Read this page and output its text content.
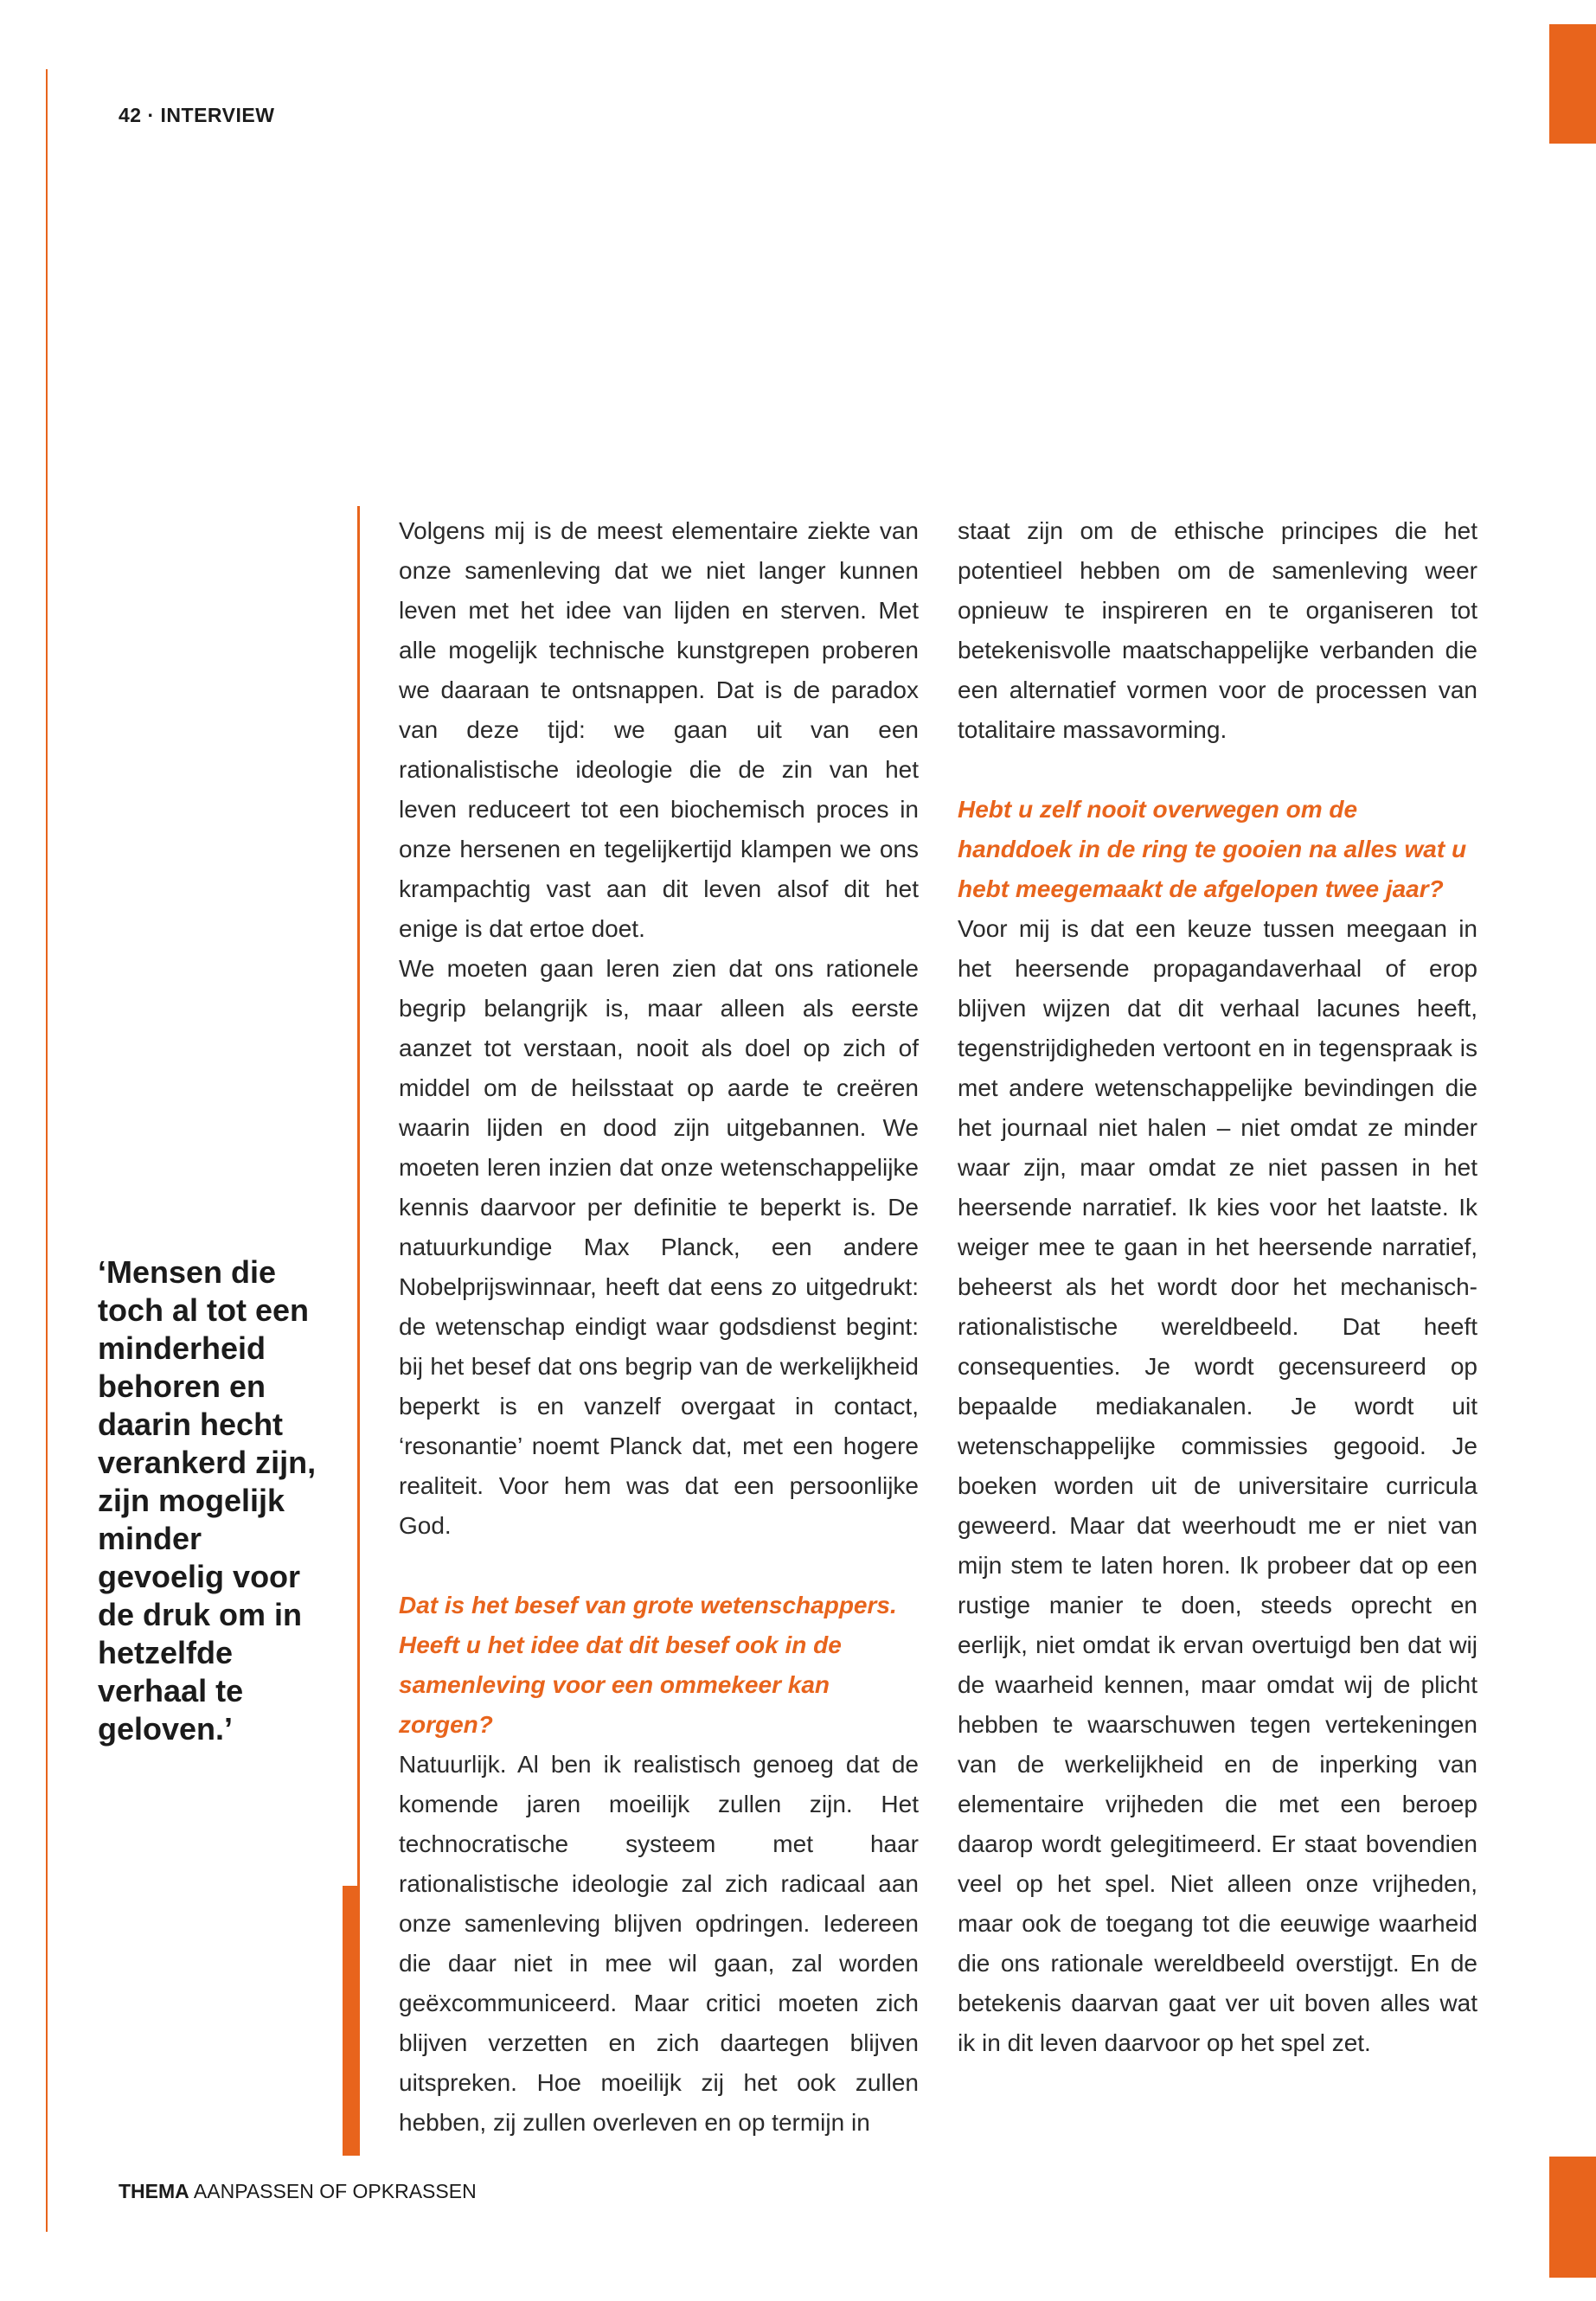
42 · INTERVIEW
‘Mensen die toch al tot een minderheid behoren en daarin hecht verankerd zijn, zijn mogelijk minder gevoelig voor de druk om in hetzelfde verhaal te geloven.’

Volgens mij is de meest elementaire ziekte van onze samenleving dat we niet langer kunnen leven met het idee van lijden en sterven. Met alle mogelijk technische kunstgrepen proberen we daaraan te ontsnappen. Dat is de paradox van deze tijd: we gaan uit van een rationalistische ideologie die de zin van het leven reduceert tot een biochemisch proces in onze hersenen en tegelijkertijd klampen we ons krampachtig vast aan dit leven alsof dit het enige is dat ertoe doet.

We moeten gaan leren zien dat ons rationele begrip belangrijk is, maar alleen als eerste aanzet tot verstaan, nooit als doel op zich of middel om de heilsstaat op aarde te creëren waarin lijden en dood zijn uitgebannen. We moeten leren inzien dat onze wetenschappelijke kennis daarvoor per definitie te beperkt is. De natuurkundige Max Planck, een andere Nobelprijswinnaar, heeft dat eens zo uitgedrukt: de wetenschap eindigt waar godsdienst begint: bij het besef dat ons begrip van de werkelijkheid beperkt is en vanzelf overgaat in contact, ‘resonantie’ noemt Planck dat, met een hogere realiteit. Voor hem was dat een persoonlijke God.

Dat is het besef van grote wetenschappers. Heeft u het idee dat dit besef ook in de samenleving voor een ommekeer kan zorgen?

Natuurlijk. Al ben ik realistisch genoeg dat de komende jaren moeilijk zullen zijn. Het technocratische systeem met haar rationalistische ideologie zal zich radicaal aan onze samenleving blijven opdringen. Iedereen die daar niet in mee wil gaan, zal worden geëxcommuniceerd. Maar critici moeten zich blijven verzetten en zich daartegen blijven uitspreken. Hoe moeilijk zij het ook zullen hebben, zij zullen overleven en op termijn in

staat zijn om de ethische principes die het potentieel hebben om de samenleving weer opnieuw te inspireren en te organiseren tot betekenisvolle maatschappelijke verbanden die een alternatief vormen voor de processen van totalitaire massavorming.

Hebt u zelf nooit overwegen om de handdoek in de ring te gooien na alles wat u hebt meegemaakt de afgelopen twee jaar?

Voor mij is dat een keuze tussen meegaan in het heersende propagandaverhaal of erop blijven wijzen dat dit verhaal lacunes heeft, tegenstrijdigheden vertoont en in tegenspraak is met andere wetenschappelijke bevindingen die het journaal niet halen – niet omdat ze minder waar zijn, maar omdat ze niet passen in het heersende narratief. Ik kies voor het laatste. Ik weiger mee te gaan in het heersende narratief, beheerst als het wordt door het mechanisch-rationalistische wereldbeeld. Dat heeft consequenties. Je wordt gecensureerd op bepaalde mediakanalen. Je wordt uit wetenschappelijke commissies gegooid. Je boeken worden uit de universitaire curricula geweerd. Maar dat weerhoudt me er niet van mijn stem te laten horen. Ik probeer dat op een rustige manier te doen, steeds oprecht en eerlijk, niet omdat ik ervan overtuigd ben dat wij de waarheid kennen, maar omdat wij de plicht hebben te waarschuwen tegen vertekeningen van de werkelijkheid en de inperking van elementaire vrijheden die met een beroep daarop wordt gelegitimeerd. Er staat bovendien veel op het spel. Niet alleen onze vrijheden, maar ook de toegang tot die eeuwige waarheid die ons rationale wereldbeeld overstijgt. En de betekenis daarvan gaat ver uit boven alles wat ik in dit leven daarvoor op het spel zet.

THEMA AANPASSEN OF OPKRASSEN
